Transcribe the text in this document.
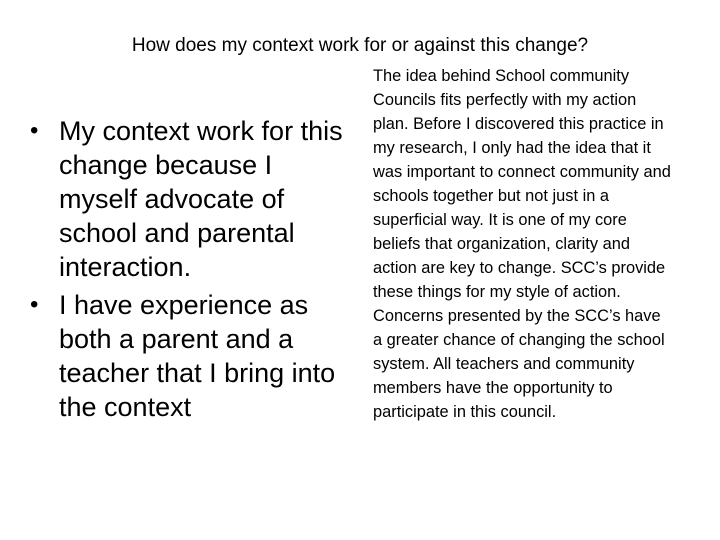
How does my context work for or against this change?
• My context work for this change because I myself advocate of school and parental interaction.
• I have experience as both a parent and a teacher that I bring into the context

The idea behind School community Councils fits perfectly with my action plan. Before I discovered this practice in my research, I only had the idea that it was important to connect community and schools together but not just in a superficial way. It is one of my core beliefs that organization, clarity and action are key to change. SCC’s provide these things for my style of action. Concerns presented by the SCC’s have a greater chance of changing the school system. All teachers and community members have the opportunity to participate in this council.
